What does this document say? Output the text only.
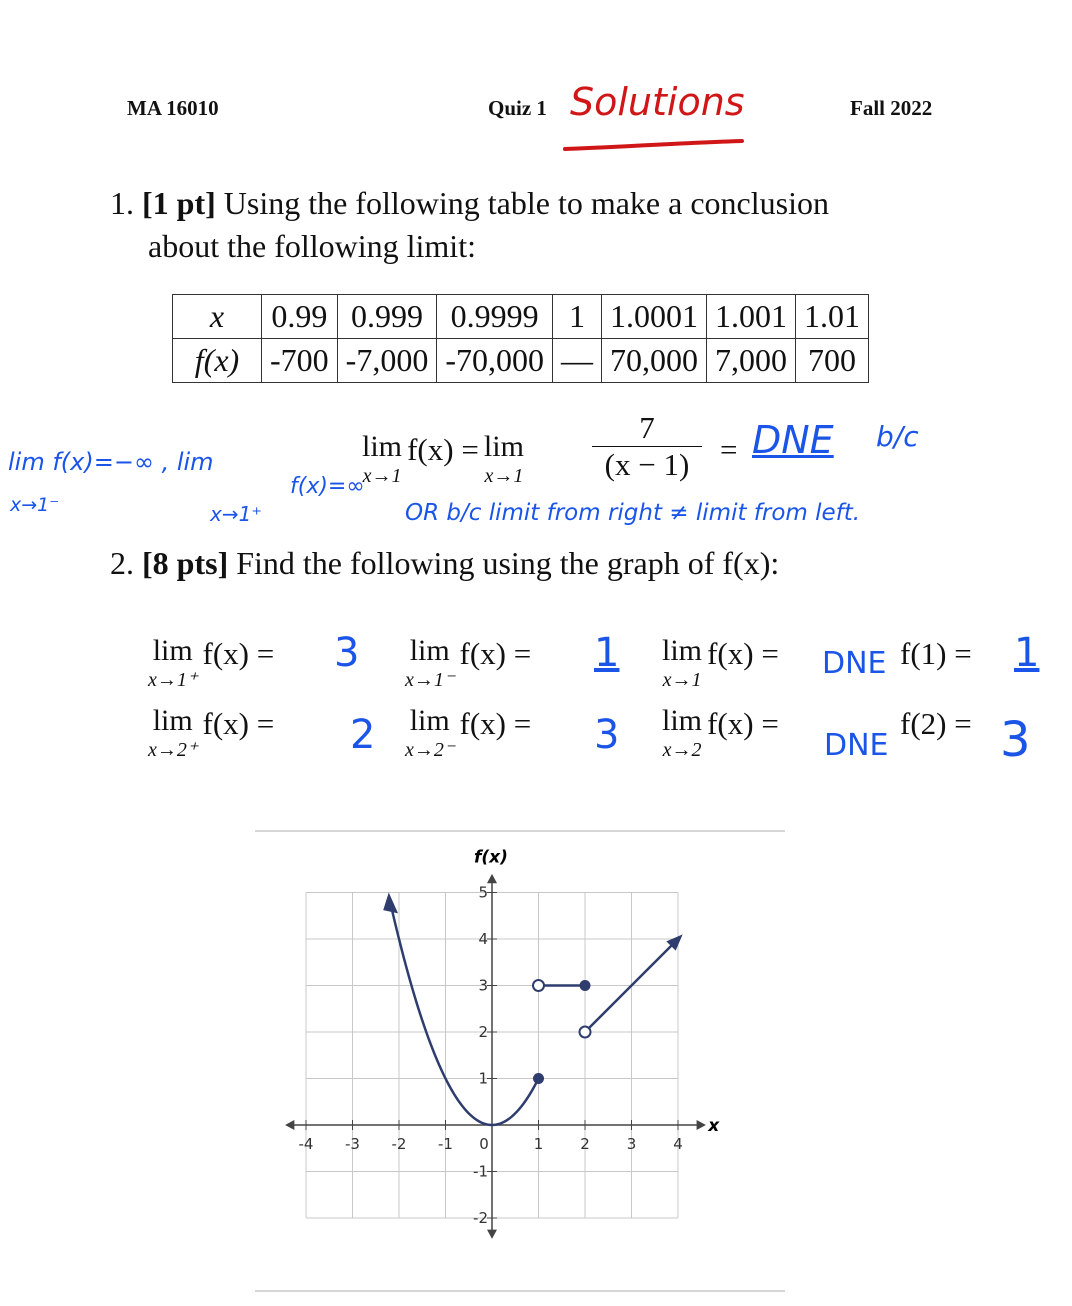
MA 16010	Quiz 1 Solutions	Fall 2022
1. [1 pt] Using the following table to make a conclusion
about the following limit:
x	0.99	0.999	0.9999	1	1.0001	1.001	1.01
f(x)	-700	-7,000	-70,000	—	70,000	7,000	700
lim
x→1
f(x) = lim
$x\to 1 \frac{7}{(x - 1)}$ = DNE b/c
lim f(x)=−∞ , lim
x→1⁻
f(x)=∞
x→1⁺	OR b/c limit from right ≠ limit from left.
2. [8 pts] Find the following using the graph of f(x):
lim
x→1⁺
f(x) = 3 lim
x→1⁻
f(x) = 1 lim
x→1
f(x) = DNE f(1) = 1
lim
x→2⁺
f(x) = 2 lim
x→2⁻
f(x) = 3 lim
x→2
f(x) =
DNE
f(2) = 3
-4 -3 -2 -1 0	1 2 3 4
-2
-1
1
2
3
4
5
f(x)
x
